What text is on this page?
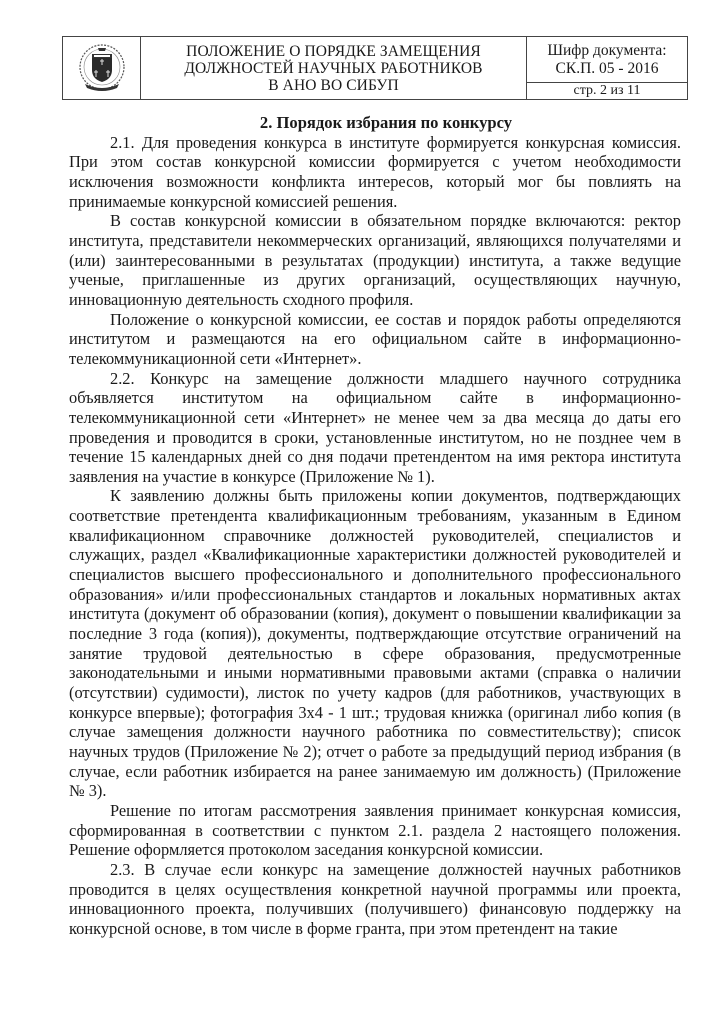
ПОЛОЖЕНИЕ О ПОРЯДКЕ ЗАМЕЩЕНИЯ
ДОЛЖНОСТЕЙ НАУЧНЫХ РАБОТНИКОВ
В АНО ВО СИБУП
Шифр документа:
СК.П. 05 - 2016
стр. 2 из 11
2. Порядок избрания по конкурсу

2.1. Для проведения конкурса в институте формируется конкурсная комиссия. При этом состав конкурсной комиссии формируется с учетом необходимости исключения возможности конфликта интересов, который мог бы повлиять на принимаемые конкурсной комиссией решения.

В состав конкурсной комиссии в обязательном порядке включаются: ректор института, представители некоммерческих организаций, являющихся получателями и (или) заинтересованными в результатах (продукции) института, а также ведущие ученые, приглашенные из других организаций, осуществляющих научную, инновационную деятельность сходного профиля.

Положение о конкурсной комиссии, ее состав и порядок работы определяются институтом и размещаются на его официальном сайте в информационно-телекоммуникационной сети «Интернет».

2.2. Конкурс на замещение должности младшего научного сотрудника объявляется институтом на официальном сайте в информационно-телекоммуникационной сети «Интернет» не менее чем за два месяца до даты его проведения и проводится в сроки, установленные институтом, но не позднее чем в течение 15 календарных дней со дня подачи претендентом на имя ректора института заявления на участие в конкурсе (Приложение № 1).

К заявлению должны быть приложены копии документов, подтверждающих соответствие претендента квалификационным требованиям, указанным в Едином квалификационном справочнике должностей руководителей, специалистов и служащих, раздел «Квалификационные характеристики должностей руководителей и специалистов высшего профессионального и дополнительного профессионального образования» и/или профессиональных стандартов и локальных нормативных актах института (документ об образовании (копия), документ о повышении квалификации за последние 3 года (копия)), документы, подтверждающие отсутствие ограничений на занятие трудовой деятельностью в сфере образования, предусмотренные законодательными и иными нормативными правовыми актами (справка о наличии (отсутствии) судимости), листок по учету кадров (для работников, участвующих в конкурсе впервые); фотография 3х4 - 1 шт.; трудовая книжка (оригинал либо копия (в случае замещения должности научного работника по совместительству); список научных трудов (Приложение № 2); отчет о работе за предыдущий период избрания (в случае, если работник избирается на ранее занимаемую им должность) (Приложение № 3).

Решение по итогам рассмотрения заявления принимает конкурсная комиссия, сформированная в соответствии с пунктом 2.1. раздела 2 настоящего положения. Решение оформляется протоколом заседания конкурсной комиссии.

2.3. В случае если конкурс на замещение должностей научных работников проводится в целях осуществления конкретной научной программы или проекта, инновационного проекта, получивших (получившего) финансовую поддержку на конкурсной основе, в том числе в форме гранта, при этом претендент на такие
